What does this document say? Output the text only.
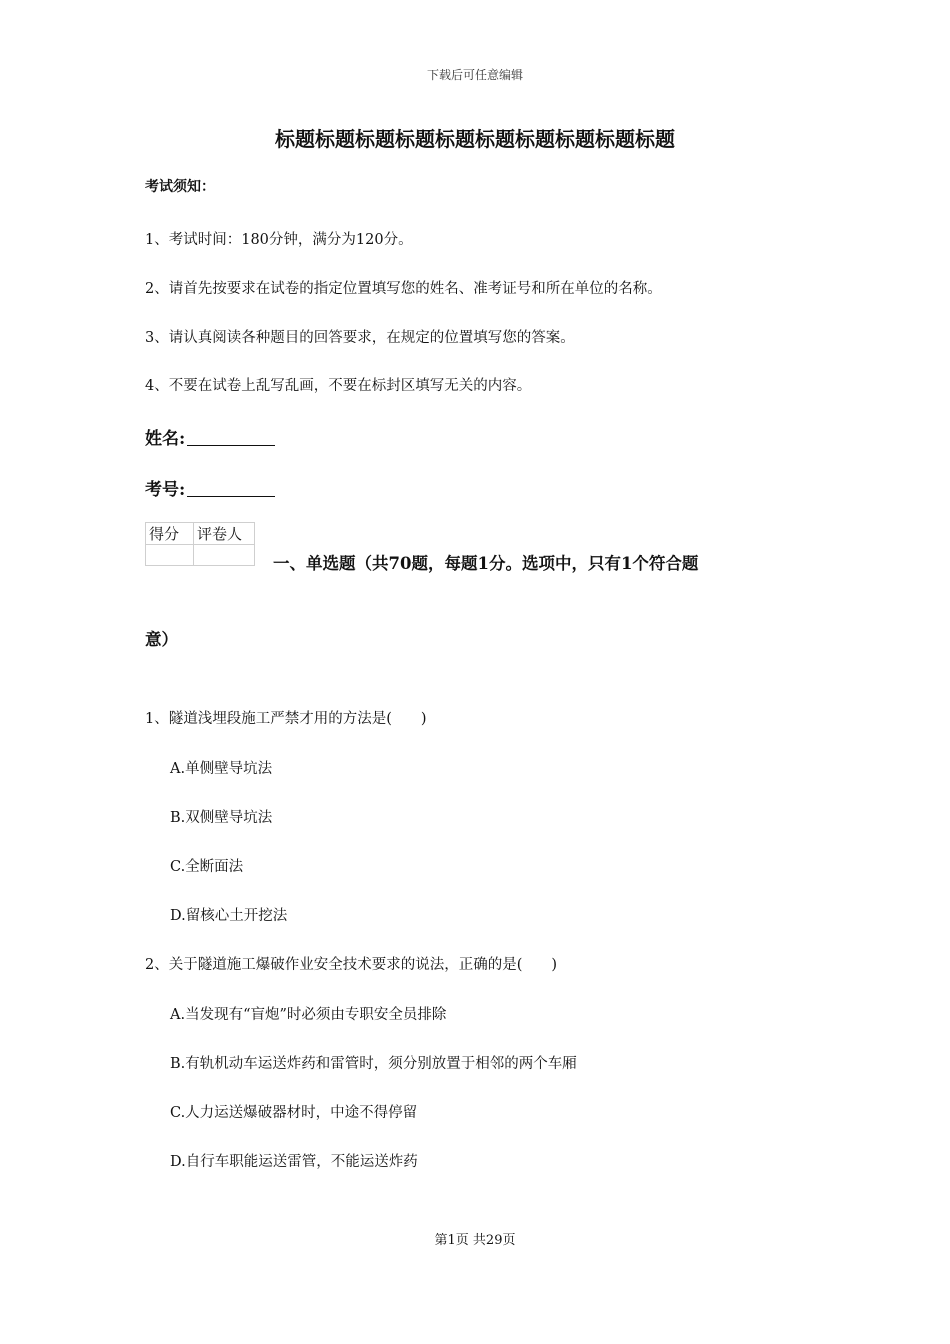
下载后可任意编辑
标题标题标题标题标题标题标题标题标题标题
考试须知：
1、考试时间：180分钟，满分为120分。
2、请首先按要求在试卷的指定位置填写您的姓名、准考证号和所在单位的名称。
3、请认真阅读各种题目的回答要求，在规定的位置填写您的答案。
4、不要在试卷上乱写乱画，不要在标封区填写无关的内容。
姓名:
考号:
得分	评卷人

一、单选题（共70题，每题1分。选项中，只有1个符合题
意）
1、隧道浅埋段施工严禁才用的方法是(　　)
A.单侧壁导坑法
B.双侧壁导坑法
C.全断面法
D.留核心土开挖法
2、关于隧道施工爆破作业安全技术要求的说法，正确的是(　　)
A.当发现有“盲炮”时必须由专职安全员排除
B.有轨机动车运送炸药和雷管时，须分别放置于相邻的两个车厢
C.人力运送爆破器材时，中途不得停留
D.自行车职能运送雷管，不能运送炸药
第1页 共29页
